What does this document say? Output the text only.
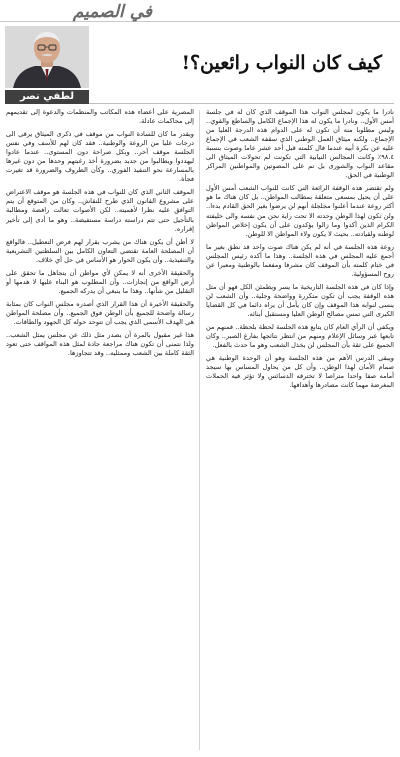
في الصميم
كيف كان النواب رائعين؟!
لطفي نصر

نادرا ما يكون لمجلس النواب هذا الموقف الذي كان له في جلسة أمس الأول.. ونادرا ما يكون له هذا الإجماع الكامل والساطع والقوي.. وليس مطلوبا منه أن تكون له على الدوام هذه الدرجة العليا من الإجماع.. ولكنه ميثاق العمل الوطني الذي سقفه الشعب في الإجماع عليه عن بكرة أبيه عندما قال كلمته قبل أحد عشر عاما وصوت بنسبة ٩٨.٤٪ وكانت المجالس النيابية التي تكونت لم تحولات الميثاق الى مقاعد النواب والشورى بل تم على المصوتين والمواطنين المراكز الوطنية في الحق.

ولم تقتصر هذه الوقفة الرائعة التي كانت للنواب الشعب أمس الأول على أن يحيل بمسعى متعلقة بمطالب المواطن.. بل كان هناك ما هو أكثر روعة عندما أعلنوا مجلجلة أنهم لن يرضوا بغير الحق القادم بدءا.. ولن تكون لهذا الوطن وحدته الا تحت راية نحن من نفسه والى خليفته الكرام الذين أكدوا وما زالوا يؤكدون على أن يكون إخلاص المواطن لوطنه ولقيادته.. بحيث لا يكون ولاء المواطن الا للوطن.

روعة هذه الجلسة في أنه لم يكن هناك صوت واحد قد نطق بغير ما أجمع عليه المجلس في هذه الجلسة.. وهذا ما أكده رئيس المجلس في ختام كلمته بأن الموقف كان مشرفا ومفعما بالوطنية ومعبرا عن روح المسؤولية.

وإذا كان في هذه الجلسة التاريخية ما يسر ويطمئن الكل فهو أن مثل هذه الوقفة يجب أن تكون متكررة وواضحة وجلية.. وأن الشعب لن ينسى لنوابه هذا الموقف وإن كان يأمل أن يراه دائما في كل القضايا الكبرى التي تمس مصالح الوطن العليا ومستقبل أبنائه.

ويكفي أن الرأي العام كان يتابع هذه الجلسة لحظة بلحظة.. فمنهم من تابعها عبر وسائل الإعلام ومنهم من انتظر نتائجها بفارغ الصبر.. وكان الجميع على ثقة بأن المجلس لن يخذل الشعب وهو ما حدث بالفعل.

ويبقى الدرس الأهم من هذه الجلسة وهو أن الوحدة الوطنية هي صمام الأمان لهذا الوطن.. وأن كل من يحاول المساس بها سيجد أمامه صفا واحدا متراصا لا تخترقه الدسائس ولا تؤثر فيه الحملات المغرضة مهما كانت مصادرها وأهدافها.

المصرية على أعضاء هذه المكاتب والمنظمات والدعوة إلى تقديمهم إلى محاكمات عادلة.

ويقدر ما كان للسادة النواب من موقف في ذكرى الميثاق يرقى الى درجات عليا من الروعة والوطنية.. فقد كان لهم للأسف وفي نفس الجلسة موقف آخر.. وبكل صراحة دون المستوى.. عندما عادوا ليهددوا ويطالبوا من جديد بضرورة أخذ رغبتهم وحدها من دون غيرها بالمسارعة نحو التنفيذ الفوري.. وكأن الظروف والضرورة قد تغيرت فجأة.

الموقف الثاني الذي كان للنواب في هذه الجلسة هو موقف الاعتراض على مشروع القانون الذي طرح للنقاش.. وكان من المتوقع أن يتم التوافق عليه نظرا لأهميته.. لكن الأصوات تعالت رافضة ومطالبة بالتأجيل حتى تتم دراسته دراسة مستفيضة.. وهو ما أدى إلى تأخير إقراره.

لا أظن أن يكون هناك من يشرب بقرار لهم فرض التعطيل.. فالواقع أن المصلحة العامة تقتضي التعاون الكامل بين السلطتين التشريعية والتنفيذية.. وأن يكون الحوار هو الأساس في حل أي خلاف.

والحقيقة الأخرى أنه لا يمكن لأي مواطن أن يتجاهل ما تحقق على أرض الواقع من إنجازات.. وأن المطلوب هو البناء عليها لا هدمها أو التقليل من شأنها.. وهذا ما ينبغي أن يدركه الجميع.

والحقيقة الأخيرة أن هذا القرار الذي أصدره مجلس النواب كان بمثابة رسالة واضحة للجميع بأن الوطن فوق الجميع.. وأن مصلحة المواطن هي الهدف الأسمى الذي يجب أن تتوحد حوله كل الجهود والطاقات.

هذا غير مقبول بالمرة أن يصدر مثل ذلك عن مجلس يمثل الشعب.. ولذا نتمنى أن تكون هناك مراجعة جادة لمثل هذه المواقف حتى تعود الثقة كاملة بين الشعب وممثليه.. وقد تتجاوزها.
